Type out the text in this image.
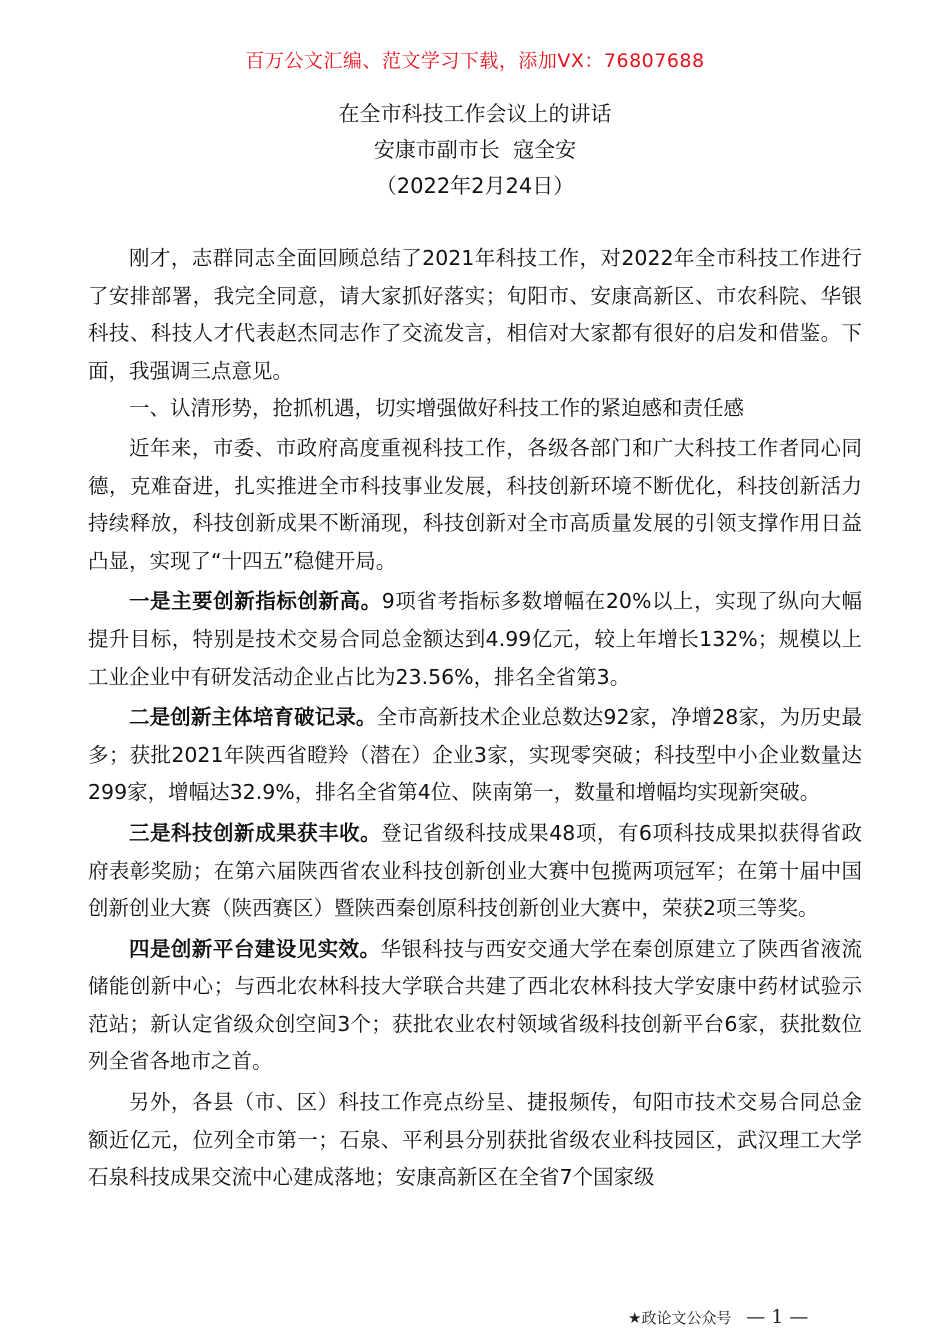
百万公文汇编、范文学习下载，添加VX：76807688
在全市科技工作会议上的讲话
安康市副市长  寇全安
（2022年2月24日）

刚才，志群同志全面回顾总结了2021年科技工作，对2022年全市科技工作进行了安排部署，我完全同意，请大家抓好落实；旬阳市、安康高新区、市农科院、华银科技、科技人才代表赵杰同志作了交流发言，相信对大家都有很好的启发和借鉴。下面，我强调三点意见。

一、认清形势，抢抓机遇，切实增强做好科技工作的紧迫感和责任感

近年来，市委、市政府高度重视科技工作，各级各部门和广大科技工作者同心同德，克难奋进，扎实推进全市科技事业发展，科技创新环境不断优化，科技创新活力持续释放，科技创新成果不断涌现，科技创新对全市高质量发展的引领支撑作用日益凸显，实现了“十四五”稳健开局。

一是主要创新指标创新高。9项省考指标多数增幅在20%以上，实现了纵向大幅提升目标，特别是技术交易合同总金额达到4.99亿元，较上年增长132%；规模以上工业企业中有研发活动企业占比为23.56%，排名全省第3。

二是创新主体培育破记录。全市高新技术企业总数达92家，净增28家，为历史最多；获批2021年陕西省瞪羚（潜在）企业3家，实现零突破；科技型中小企业数量达299家，增幅达32.9%，排名全省第4位、陕南第一，数量和增幅均实现新突破。

三是科技创新成果获丰收。登记省级科技成果48项，有6项科技成果拟获得省政府表彰奖励；在第六届陕西省农业科技创新创业大赛中包揽两项冠军；在第十届中国创新创业大赛（陕西赛区）暨陕西秦创原科技创新创业大赛中，荣获2项三等奖。

四是创新平台建设见实效。华银科技与西安交通大学在秦创原建立了陕西省液流储能创新中心；与西北农林科技大学联合共建了西北农林科技大学安康中药材试验示范站；新认定省级众创空间3个；获批农业农村领域省级科技创新平台6家，获批数位列全省各地市之首。

另外，各县（市、区）科技工作亮点纷呈、捷报频传，旬阳市技术交易合同总金额近亿元，位列全市第一；石泉、平利县分别获批省级农业科技园区，武汉理工大学石泉科技成果交流中心建成落地；安康高新区在全省7个国家级

★政论文公众号 — 1 —
